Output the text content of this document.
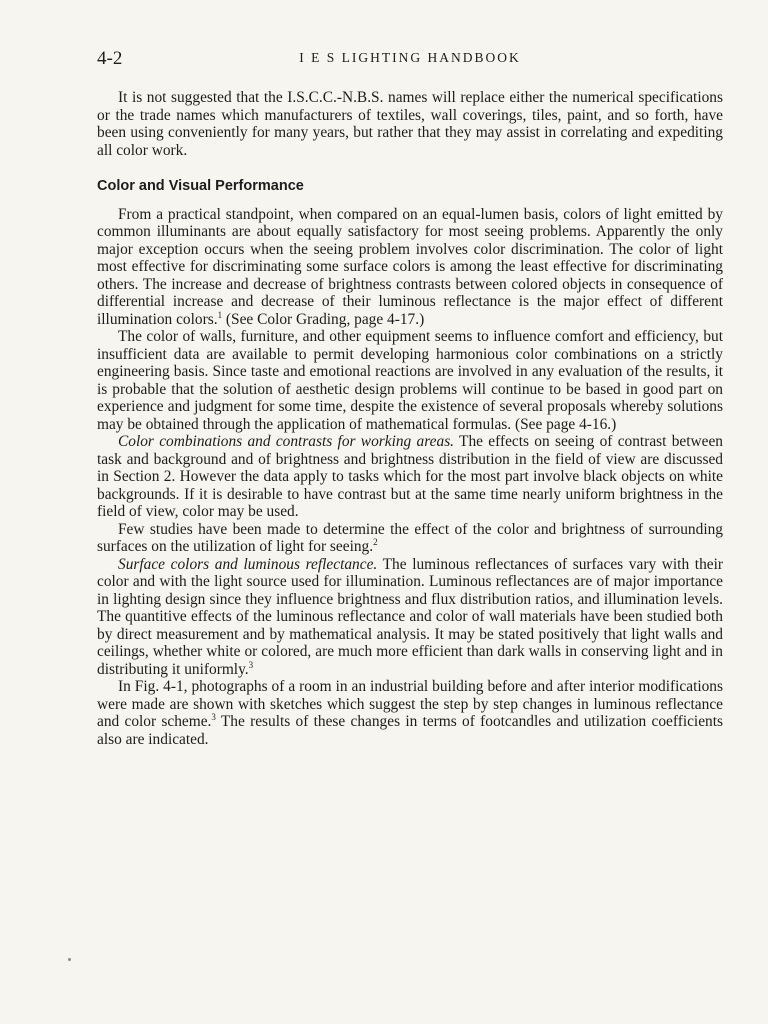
4-2	I E S LIGHTING HANDBOOK

It is not suggested that the I.S.C.C.-N.B.S. names will replace either the numerical specifications or the trade names which manufacturers of textiles, wall coverings, tiles, paint, and so forth, have been using conveniently for many years, but rather that they may assist in correlating and expediting all color work.

Color and Visual Performance

From a practical standpoint, when compared on an equal-lumen basis, colors of light emitted by common illuminants are about equally satisfactory for most seeing problems. Apparently the only major exception occurs when the seeing problem involves color discrimination. The color of light most effective for discriminating some surface colors is among the least effective for discriminating others. The increase and decrease of brightness contrasts between colored objects in consequence of differential increase and decrease of their luminous reflectance is the major effect of different illumination colors.$^1$ (See Color Grading, page 4-17.)

The color of walls, furniture, and other equipment seems to influence comfort and efficiency, but insufficient data are available to permit developing harmonious color combinations on a strictly engineering basis. Since taste and emotional reactions are involved in any evaluation of the results, it is probable that the solution of aesthetic design problems will continue to be based in good part on experience and judgment for some time, despite the existence of several proposals whereby solutions may be obtained through the application of mathematical formulas. (See page 4-16.)

Color combinations and contrasts for working areas. The effects on seeing of contrast between task and background and of brightness and brightness distribution in the field of view are discussed in Section 2. However the data apply to tasks which for the most part involve black objects on white backgrounds. If it is desirable to have contrast but at the same time nearly uniform brightness in the field of view, color may be used.

Few studies have been made to determine the effect of the color and brightness of surrounding surfaces on the utilization of light for seeing.$^2$

Surface colors and luminous reflectance. The luminous reflectances of surfaces vary with their color and with the light source used for illumination. Luminous reflectances are of major importance in lighting design since they influence brightness and flux distribution ratios, and illumination levels. The quantitive effects of the luminous reflectance and color of wall materials have been studied both by direct measurement and by mathematical analysis. It may be stated positively that light walls and ceilings, whether white or colored, are much more efficient than dark walls in conserving light and in distributing it uniformly.$^3$

In Fig. 4-1, photographs of a room in an industrial building before and after interior modifications were made are shown with sketches which suggest the step by step changes in luminous reflectance and color scheme.$^3$ The results of these changes in terms of footcandles and utilization coefficients also are indicated.
